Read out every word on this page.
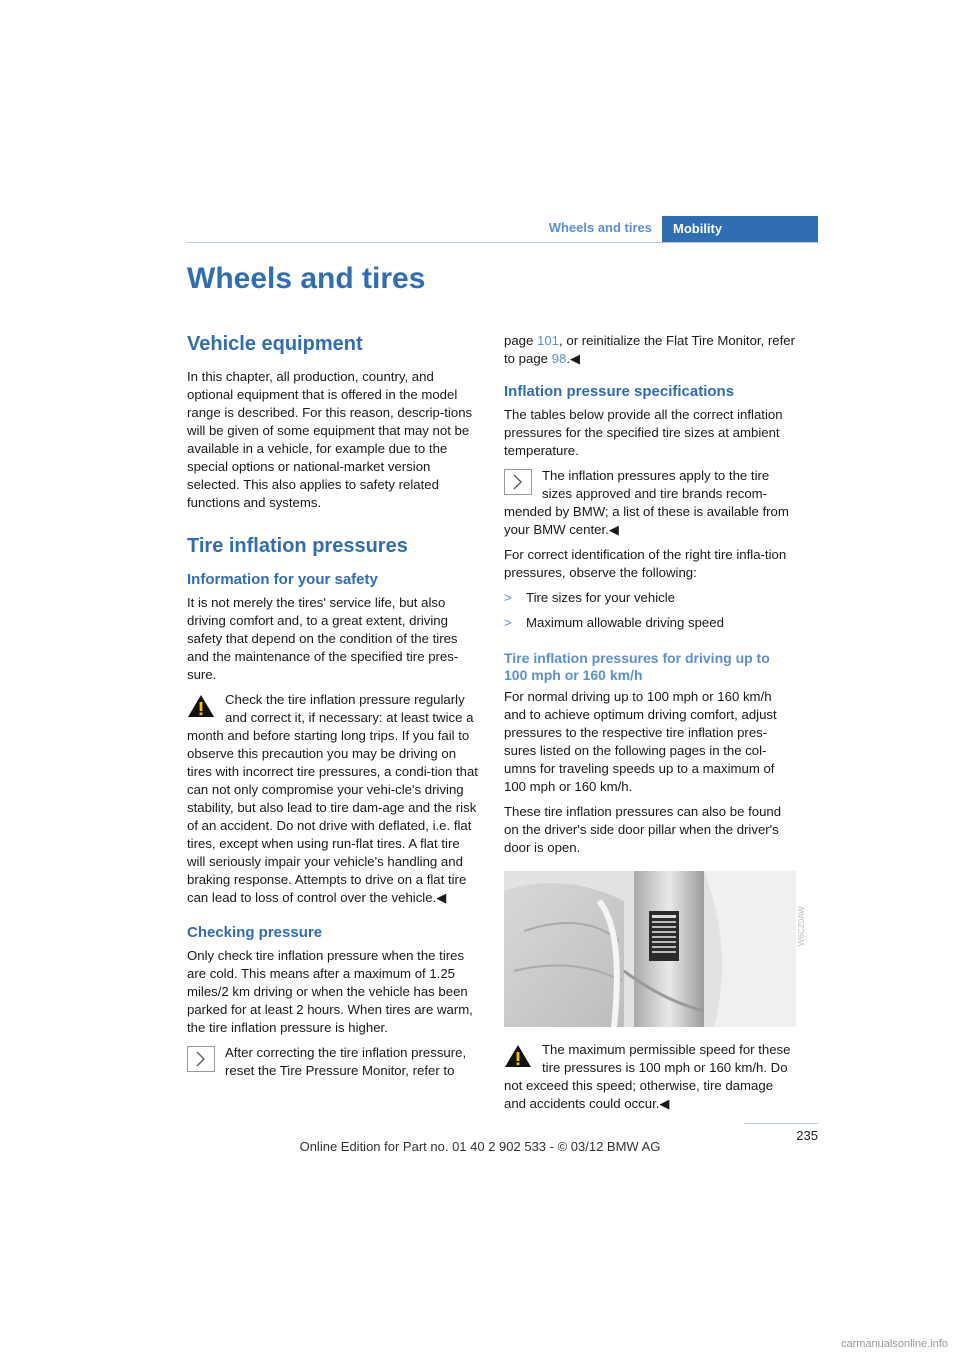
Wheels and tires	Mobility
Wheels and tires
Vehicle equipment

In this chapter, all production, country, and optional equipment that is offered in the model range is described. For this reason, descrip-tions will be given of some equipment that may not be available in a vehicle, for example due to the special options or national-market version selected. This also applies to safety related functions and systems.

Tire inflation pressures
Information for your safety

It is not merely the tires' service life, but also driving comfort and, to a great extent, driving safety that depend on the condition of the tires and the maintenance of the specified tire pres-sure.

Check the tire inflation pressure regularly and correct it, if necessary: at least twice a month and before starting long trips. If you fail to observe this precaution you may be driving on tires with incorrect tire pressures, a condi-tion that can not only compromise your vehi-cle's driving stability, but also lead to tire dam-age and the risk of an accident. Do not drive with deflated, i.e. flat tires, except when using run-flat tires. A flat tire will seriously impair your vehicle's handling and braking response. Attempts to drive on a flat tire can lead to loss of control over the vehicle.◀

Checking pressure

Only check tire inflation pressure when the tires are cold. This means after a maximum of 1.25 miles/2 km driving or when the vehicle has been parked for at least 2 hours. When tires are warm, the tire inflation pressure is higher.

After correcting the tire inflation pressure, reset the Tire Pressure Monitor, refer to

page 101, or reinitialize the Flat Tire Monitor, refer to page 98.◀

Inflation pressure specifications

The tables below provide all the correct inflation pressures for the specified tire sizes at ambient temperature.

The inflation pressures apply to the tire sizes approved and tire brands recom-mended by BMW; a list of these is available from your BMW center.◀

For correct identification of the right tire infla-tion pressures, observe the following:

>	Tire sizes for your vehicle
>	Maximum allowable driving speed
Tire inflation pressures for driving up to 100 mph or 160 km/h

For normal driving up to 100 mph or 160 km/h and to achieve optimum driving comfort, adjust pressures to the respective tire inflation pres-sures listed on the following pages in the col-umns for traveling speeds up to a maximum of 100 mph or 160 km/h.

These tire inflation pressures can also be found on the driver's side door pillar when the driver's door is open.

The maximum permissible speed for these tire pressures is 100 mph or 160 km/h. Do not exceed this speed; otherwise, tire damage and accidents could occur.◀

W6CZ0AW
235
Online Edition for Part no. 01 40 2 902 533 - © 03/12 BMW AG
carmanualsonline.info
